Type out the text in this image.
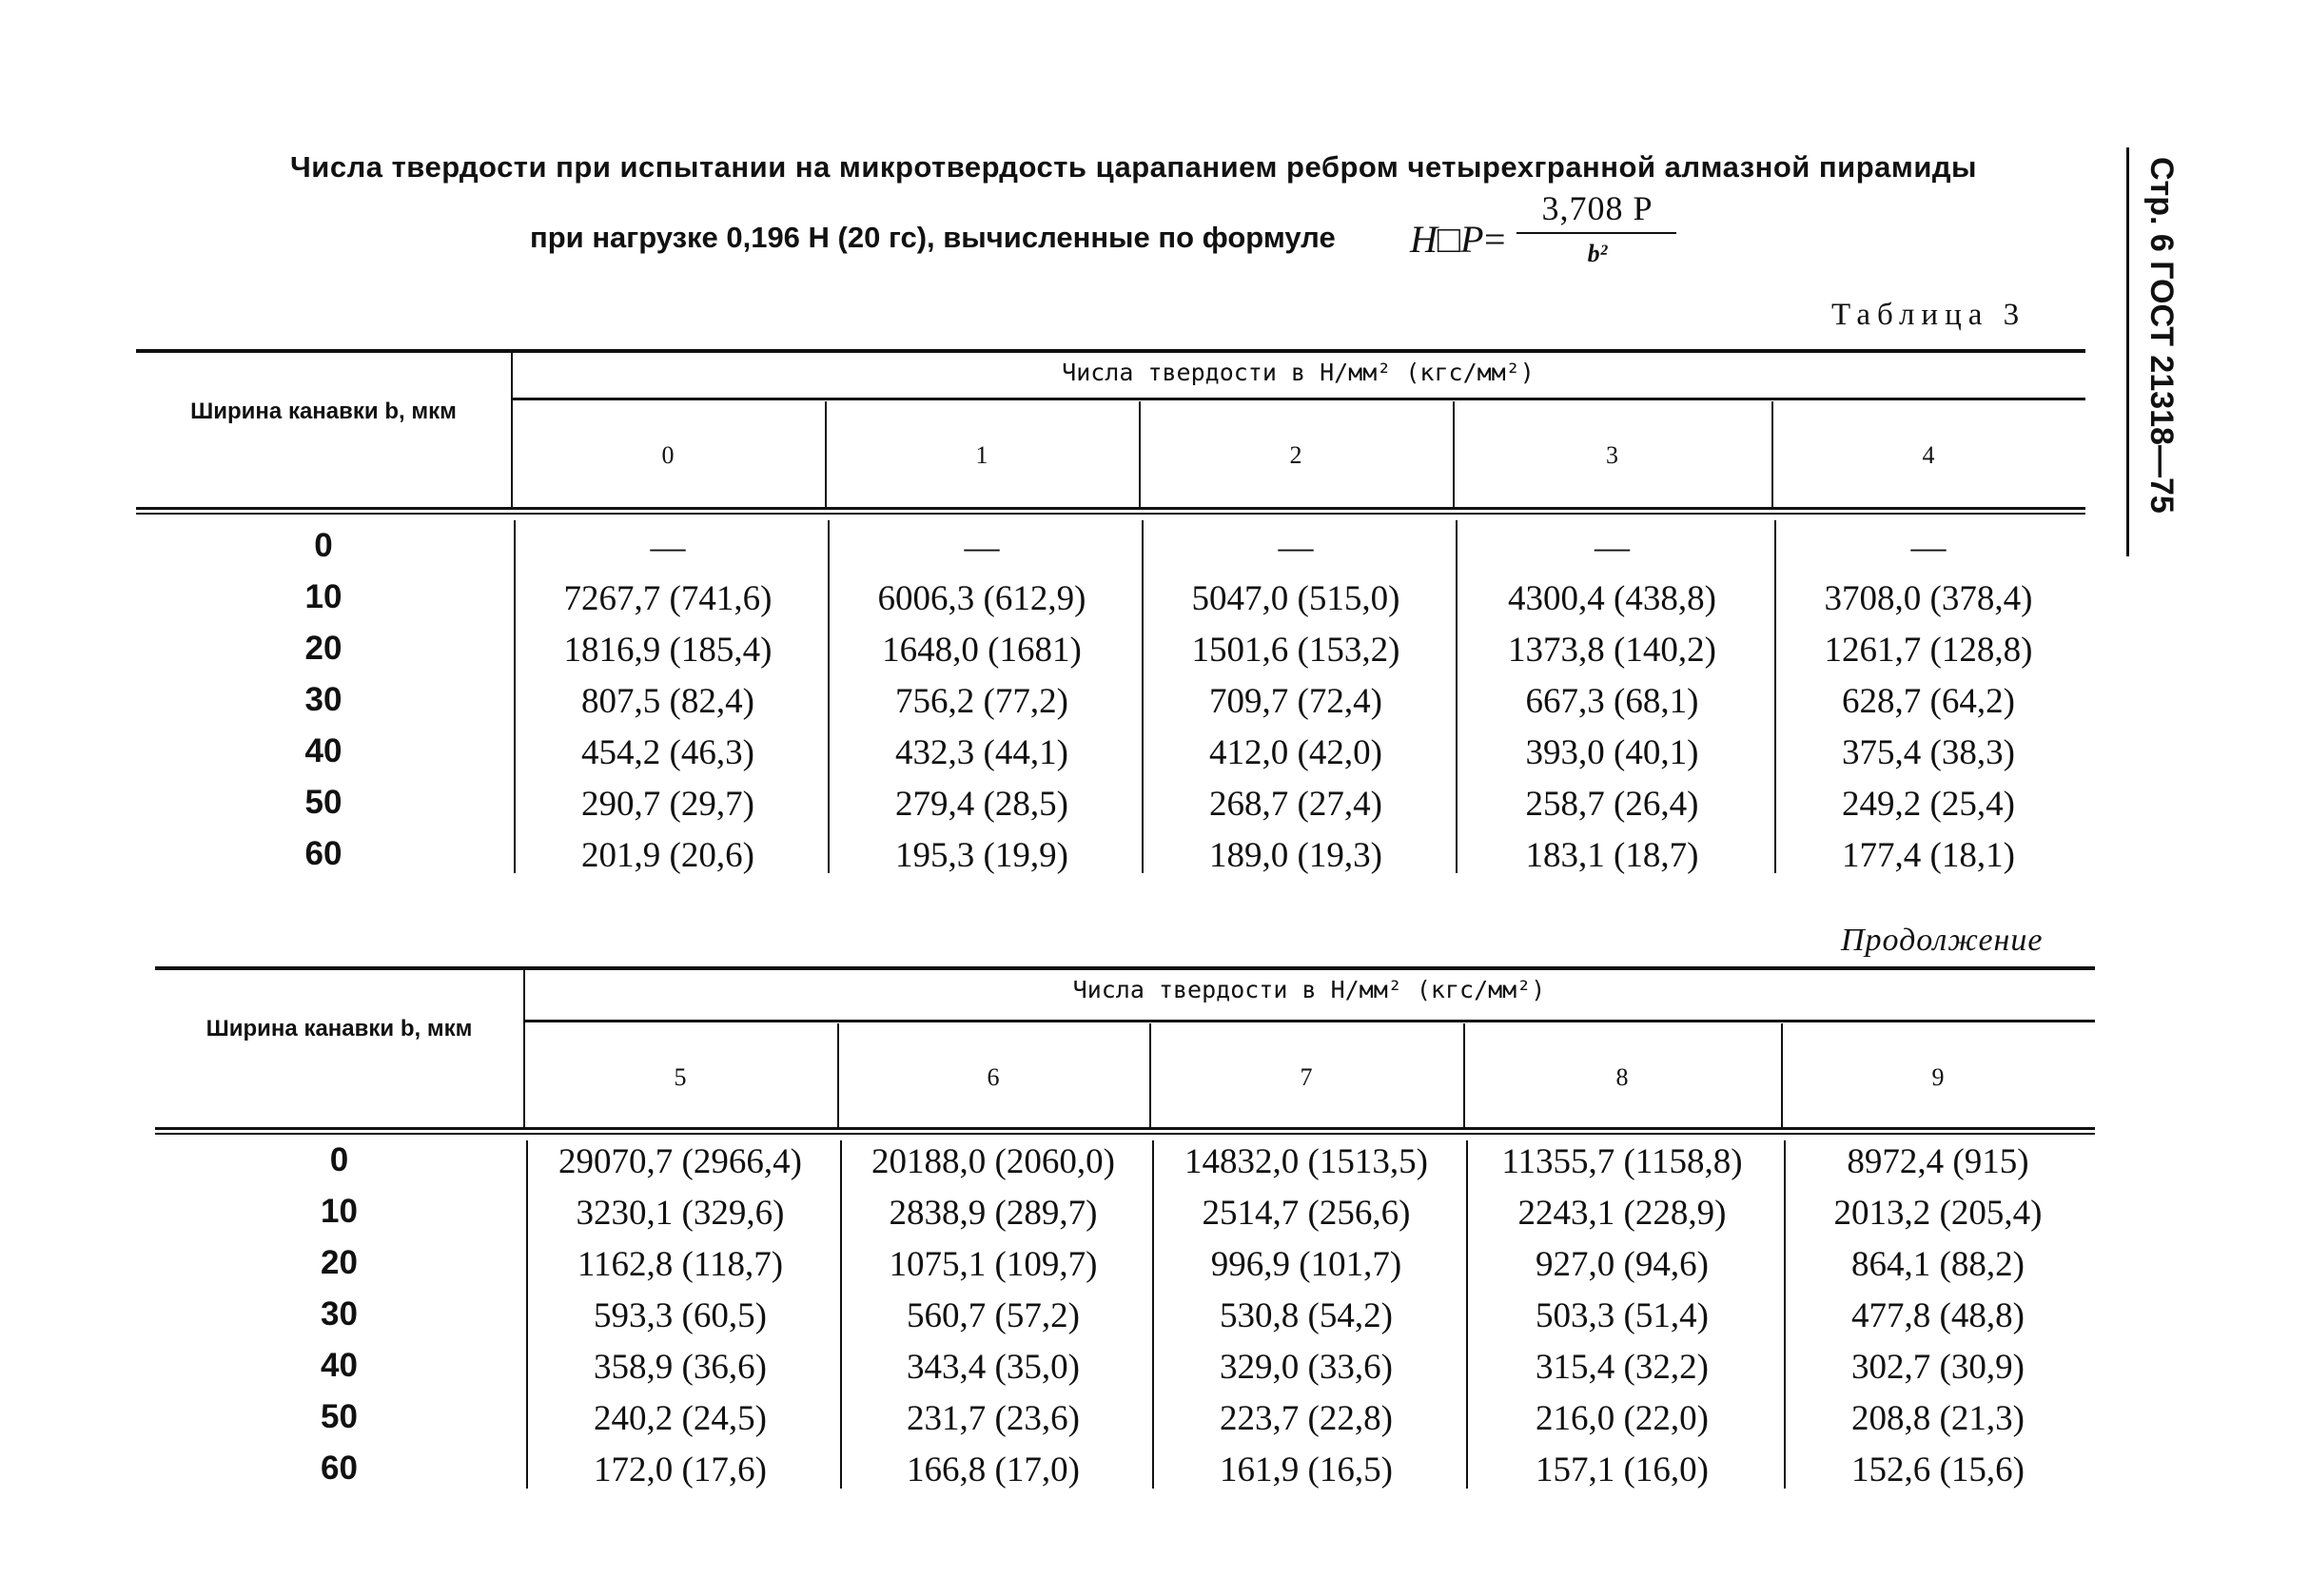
Числа твердости при испытании на микротвердость царапанием ребром четырехгранной алмазной пирамиды
при нагрузке 0,196 Н (20 гс), вычисленные по формуле H□P =
3,708 P
b²	Стр. 6 ГОСТ 21318—75
Таблица 3
Продолжение
Ширина канавки b, мкм
Числа твердости в Н/мм² (кгс/мм²)
0	1	2	3	4
0	—	—	—	—	—
10	7267,7 (741,6)	6006,3 (612,9)	5047,0 (515,0)	4300,4 (438,8)	3708,0 (378,4)
20	1816,9 (185,4)	1648,0 (1681)	1501,6 (153,2)	1373,8 (140,2)	1261,7 (128,8)
30	807,5 (82,4)	756,2 (77,2)	709,7 (72,4)	667,3 (68,1)	628,7 (64,2)
40	454,2 (46,3)	432,3 (44,1)	412,0 (42,0)	393,0 (40,1)	375,4 (38,3)
50	290,7 (29,7)	279,4 (28,5)	268,7 (27,4)	258,7 (26,4)	249,2 (25,4)
60	201,9 (20,6)	195,3 (19,9)	189,0 (19,3)	183,1 (18,7)	177,4 (18,1)
Ширина канавки b, мкм
Числа твердости в Н/мм² (кгс/мм²)
5	6	7	8	9
0	29070,7 (2966,4)	20188,0 (2060,0)	14832,0 (1513,5)	11355,7 (1158,8)	8972,4 (915)
10	3230,1 (329,6)	2838,9 (289,7)	2514,7 (256,6)	2243,1 (228,9)	2013,2 (205,4)
20	1162,8 (118,7)	1075,1 (109,7)	996,9 (101,7)	927,0 (94,6)	864,1 (88,2)
30	593,3 (60,5)	560,7 (57,2)	530,8 (54,2)	503,3 (51,4)	477,8 (48,8)
40	358,9 (36,6)	343,4 (35,0)	329,0 (33,6)	315,4 (32,2)	302,7 (30,9)
50	240,2 (24,5)	231,7 (23,6)	223,7 (22,8)	216,0 (22,0)	208,8 (21,3)
60	172,0 (17,6)	166,8 (17,0)	161,9 (16,5)	157,1 (16,0)	152,6 (15,6)
